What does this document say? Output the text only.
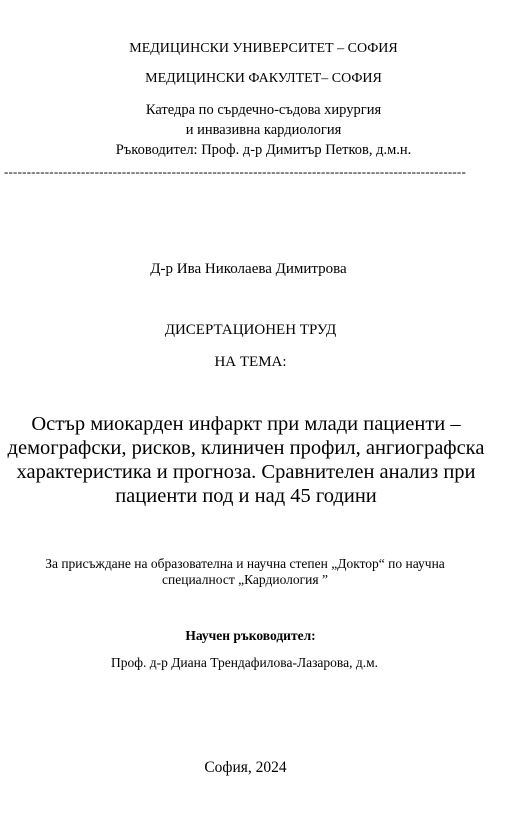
МЕДИЦИНСКИ УНИВЕРСИТЕТ – СОФИЯ
МЕДИЦИНСКИ ФАКУЛТЕТ– СОФИЯ
Катедра по сърдечно-съдова хирургия
и инвазивна кардиология
Ръководител: Проф. д-р Димитър Петков, д.м.н.
------------------------------------------------------------------------------------------------------
Д-р Ива Николаева Димитрова
ДИСЕРТАЦИОНЕН ТРУД
НА ТЕМА:
Остър миокарден инфаркт при млади пациенти –
демографски, рисков, клиничен профил, ангиографска
характеристика и прогноза. Сравнителен анализ при
пациенти под и над 45 години
За присъждане на образователна и научна степен „Доктор“ по научна
специалност „Кардиология ”
Научен ръководител:
Проф. д-р Диана Трендафилова-Лазарова, д.м.
София, 2024
